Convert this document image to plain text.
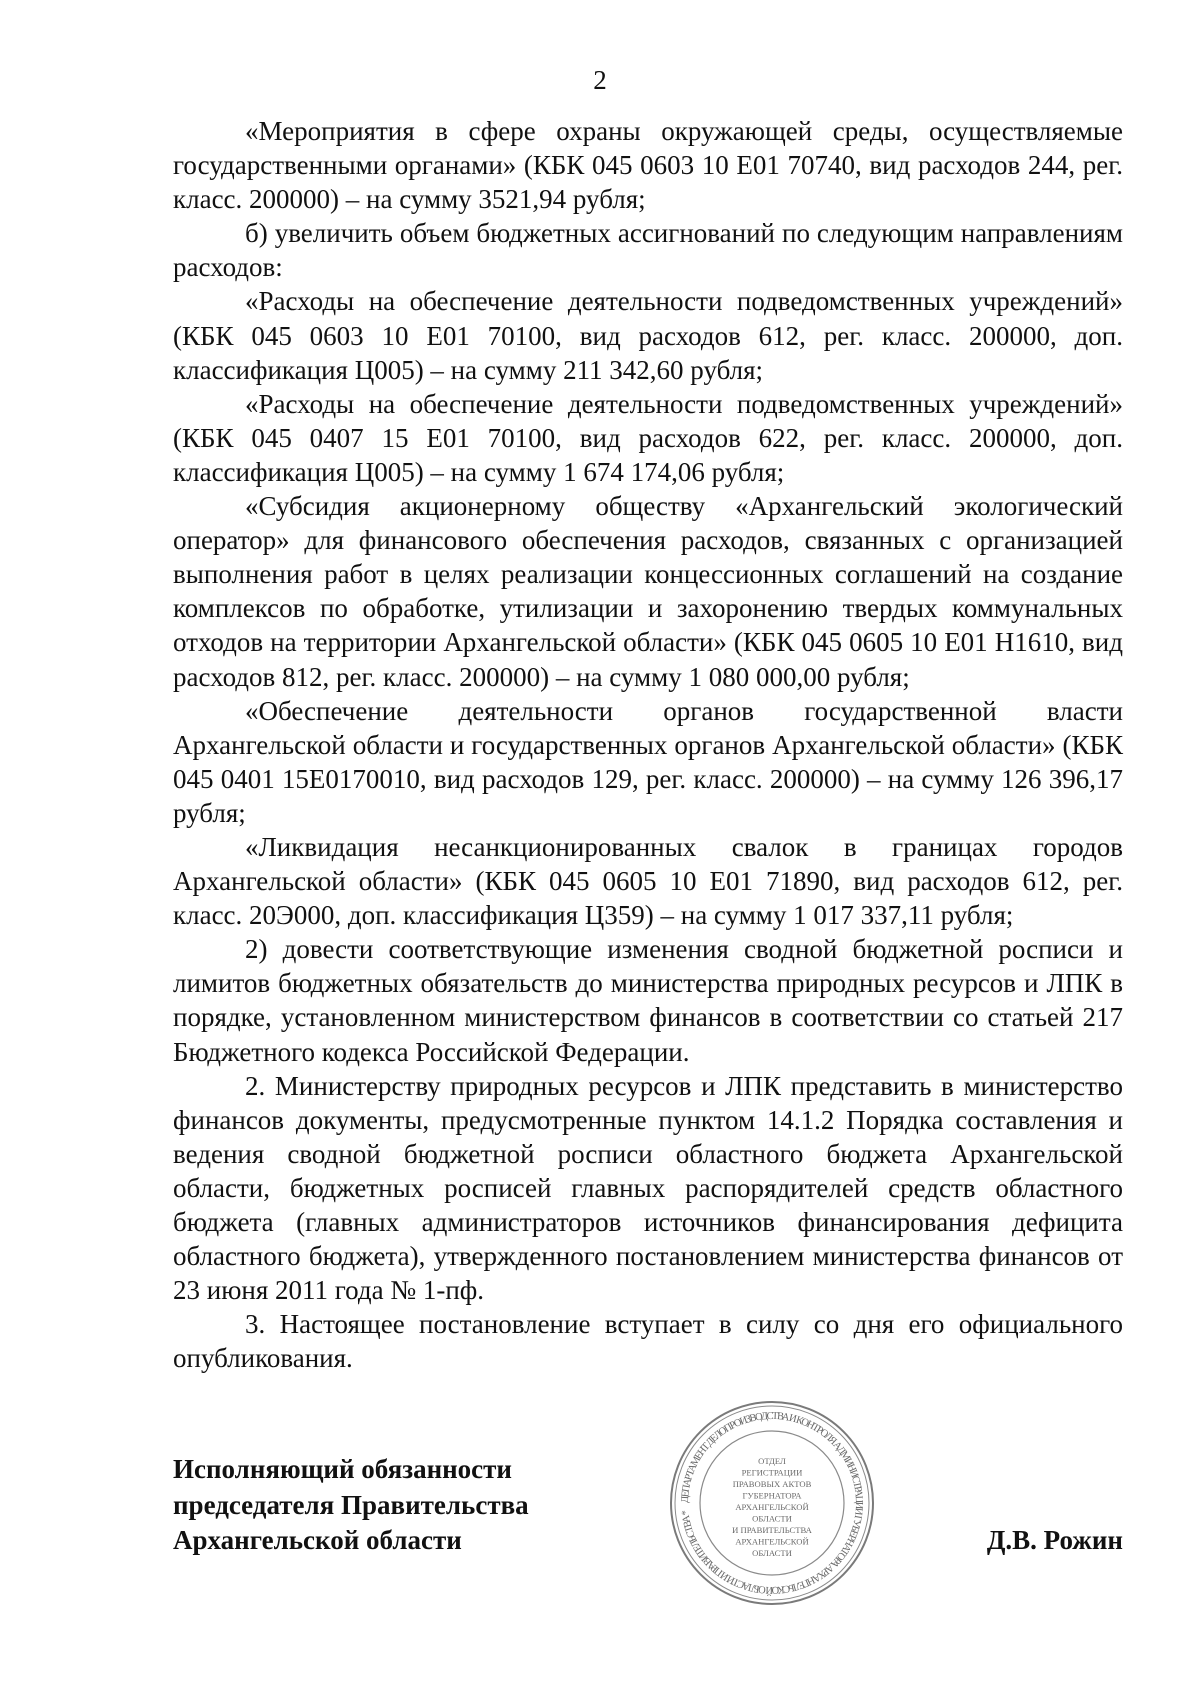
2

«Мероприятия в сфере охраны окружающей среды, осуществляемые государственными органами» (КБК 045 0603 10 Е01 70740, вид расходов 244, рег. класс. 200000) – на сумму 3521,94 рубля;

б) увеличить объем бюджетных ассигнований по следующим направлениям расходов:

«Расходы на обеспечение деятельности подведомственных учреждений» (КБК 045 0603 10 Е01 70100, вид расходов 612, рег. класс. 200000, доп. классификация Ц005) – на сумму 211 342,60 рубля;

«Расходы на обеспечение деятельности подведомственных учреждений» (КБК 045 0407 15 Е01 70100, вид расходов 622, рег. класс. 200000, доп. классификация Ц005) – на сумму 1 674 174,06 рубля;

«Субсидия акционерному обществу «Архангельский экологический оператор» для финансового обеспечения расходов, связанных с организацией выполнения работ в целях реализации концессионных соглашений на создание комплексов по обработке, утилизации и захоронению твердых коммунальных отходов на территории Архангельской области» (КБК 045 0605 10 Е01 Н1610, вид расходов 812, рег. класс. 200000) – на сумму 1 080 000,00 рубля;

«Обеспечение деятельности органов государственной власти Архангельской области и государственных органов Архангельской области» (КБК 045 0401 15Е0170010, вид расходов 129, рег. класс. 200000) – на сумму 126 396,17 рубля;

«Ликвидация несанкционированных свалок в границах городов Архангельской области» (КБК 045 0605 10 Е01 71890, вид расходов 612, рег. класс. 20Э000, доп. классификация Ц359) – на сумму 1 017 337,11 рубля;

2) довести соответствующие изменения сводной бюджетной росписи и лимитов бюджетных обязательств до министерства природных ресурсов и ЛПК в порядке, установленном министерством финансов в соответствии со статьей 217 Бюджетного кодекса Российской Федерации.

2. Министерству природных ресурсов и ЛПК представить в министерство финансов документы, предусмотренные пунктом 14.1.2 Порядка составления и ведения сводной бюджетной росписи областного бюджета Архангельской области, бюджетных росписей главных распорядителей средств областного бюджета (главных администраторов источников финансирования дефицита областного бюджета), утвержденного постановлением министерства финансов от 23 июня 2011 года № 1-пф.

3. Настоящее постановление вступает в силу со дня его официального опубликования.

Исполняющий обязанности
председателя Правительства
Архангельской области	Д.В. Рожин
ДЕПАРТАМЕНТ ДЕЛОПРОИЗВОДСТВА И КОНТРОЛЯ АДМИНИСТРАЦИИ ГУБЕРНАТОРА АРХАНГЕЛЬСКОЙ ОБЛАСТИ И ПРАВИТЕЛЬСТВА *
ОТДЕЛ
РЕГИСТРАЦИИ
ПРАВОВЫХ АКТОВ
ГУБЕРНАТОРА
АРХАНГЕЛЬСКОЙ
ОБЛАСТИ
И ПРАВИТЕЛЬСТВА
АРХАНГЕЛЬСКОЙ
ОБЛАСТИ
